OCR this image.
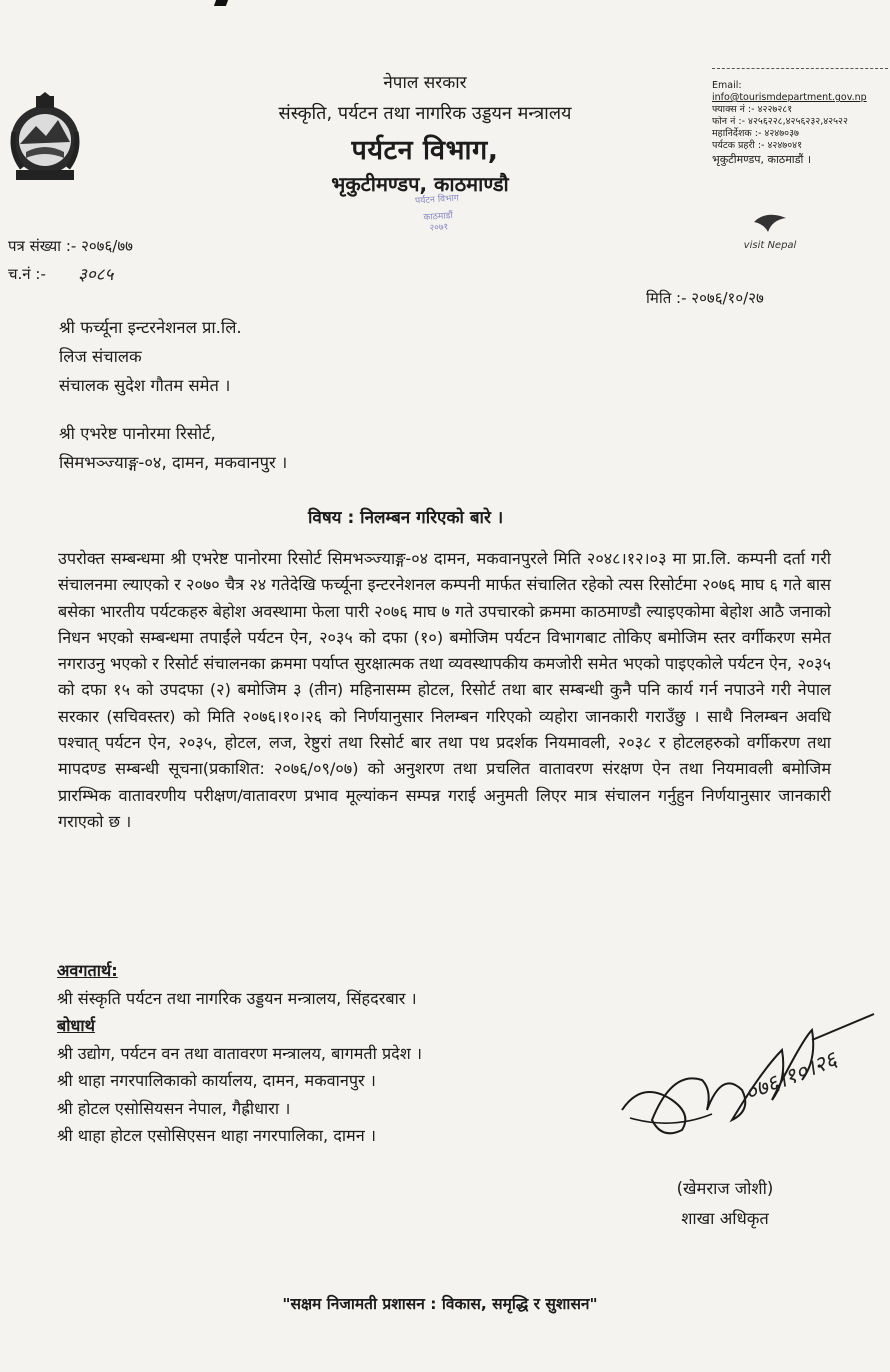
नेपाल सरकार
संस्कृति, पर्यटन तथा नागरिक उड्डयन मन्त्रालय
पर्यटन विभाग,
भृकुटीमण्डप, काठमाण्डौ
पर्यटन विभाग
काठमाडौं
२०७१
Email:
info@tourismdepartment.gov.np
फ्याक्स नं :- ४२२७२८१
फोन नं :- ४२५६२२८,४२५६२३२,४२५२२
महानिर्देशक :- ४२४७०३७
पर्यटक प्रहरी :- ४२४७०४१
भृकुटीमण्डप, काठमाडौं ।
visit Nepal
पत्र संख्या :- २०७६/७७
च.नं :- ३०८५
मिति :- २०७६/१०/२७
श्री फर्च्यूना इन्टरनेशनल प्रा.लि.
लिज संचालक
संचालक सुदेश गौतम समेत ।
श्री एभरेष्ट पानोरमा रिसोर्ट,
सिमभञ्ज्याङ्ग-०४, दामन, मकवानपुर ।
विषय : निलम्बन गरिएको बारे ।
उपरोक्त सम्बन्धमा श्री एभरेष्ट पानोरमा रिसोर्ट सिमभञ्ज्याङ्ग-०४ दामन, मकवानपुरले मिति २०४८।१२।०३ मा प्रा.लि. कम्पनी दर्ता गरी संचालनमा ल्याएको र २०७० चैत्र २४ गतेदेखि फर्च्यूना इन्टरनेशनल कम्पनी मार्फत संचालित रहेको त्यस रिसोर्टमा २०७६ माघ ६ गते बास बसेका भारतीय पर्यटकहरु बेहोश अवस्थामा फेला पारी २०७६ माघ ७ गते उपचारको क्रममा काठमाण्डौ ल्याइएकोमा बेहोश आठै जनाको निधन भएको सम्बन्धमा तपाईंले पर्यटन ऐन, २०३५ को दफा (१०) बमोजिम पर्यटन विभागबाट तोकिए बमोजिम स्तर वर्गीकरण समेत नगराउनु भएको र रिसोर्ट संचालनका क्रममा पर्याप्त सुरक्षात्मक तथा व्यवस्थापकीय कमजोरी समेत भएको पाइएकोले पर्यटन ऐन, २०३५ को दफा १५ को उपदफा (२) बमोजिम ३ (तीन) महिनासम्म होटल, रिसोर्ट तथा बार सम्बन्धी कुनै पनि कार्य गर्न नपाउने गरी नेपाल सरकार (सचिवस्तर) को मिति २०७६।१०।२६ को निर्णयानुसार निलम्बन गरिएको व्यहोरा जानकारी गराउँछु । साथै निलम्बन अवधि पश्चात् पर्यटन ऐन, २०३५, होटल, लज, रेष्टुरां तथा रिसोर्ट बार तथा पथ प्रदर्शक नियमावली, २०३८ र होटलहरुको वर्गीकरण तथा मापदण्ड सम्बन्धी सूचना(प्रकाशित: २०७६/०९/०७) को अनुशरण तथा प्रचलित वातावरण संरक्षण ऐन तथा नियमावली बमोजिम प्रारम्भिक वातावरणीय परीक्षण/वातावरण प्रभाव मूल्यांकन सम्पन्न गराई अनुमती लिएर मात्र संचालन गर्नुहुन निर्णयानुसार जानकारी गराएको छ ।
अवगतार्थ:
श्री संस्कृति पर्यटन तथा नागरिक उड्डयन मन्त्रालय, सिंहदरबार ।
बोधार्थ
श्री उद्योग, पर्यटन वन तथा वातावरण मन्त्रालय, बागमती प्रदेश ।
श्री थाहा नगरपालिकाको कार्यालय, दामन, मकवानपुर ।
श्री होटल एसोसियसन नेपाल, गैह्रीधारा ।
श्री थाहा होटल एसोसिएसन थाहा नगरपालिका, दामन ।
०७६।१०।२६
(खेमराज जोशी)
शाखा अधिकृत
"सक्षम निजामती प्रशासन : विकास, समृद्धि र सुशासन"
